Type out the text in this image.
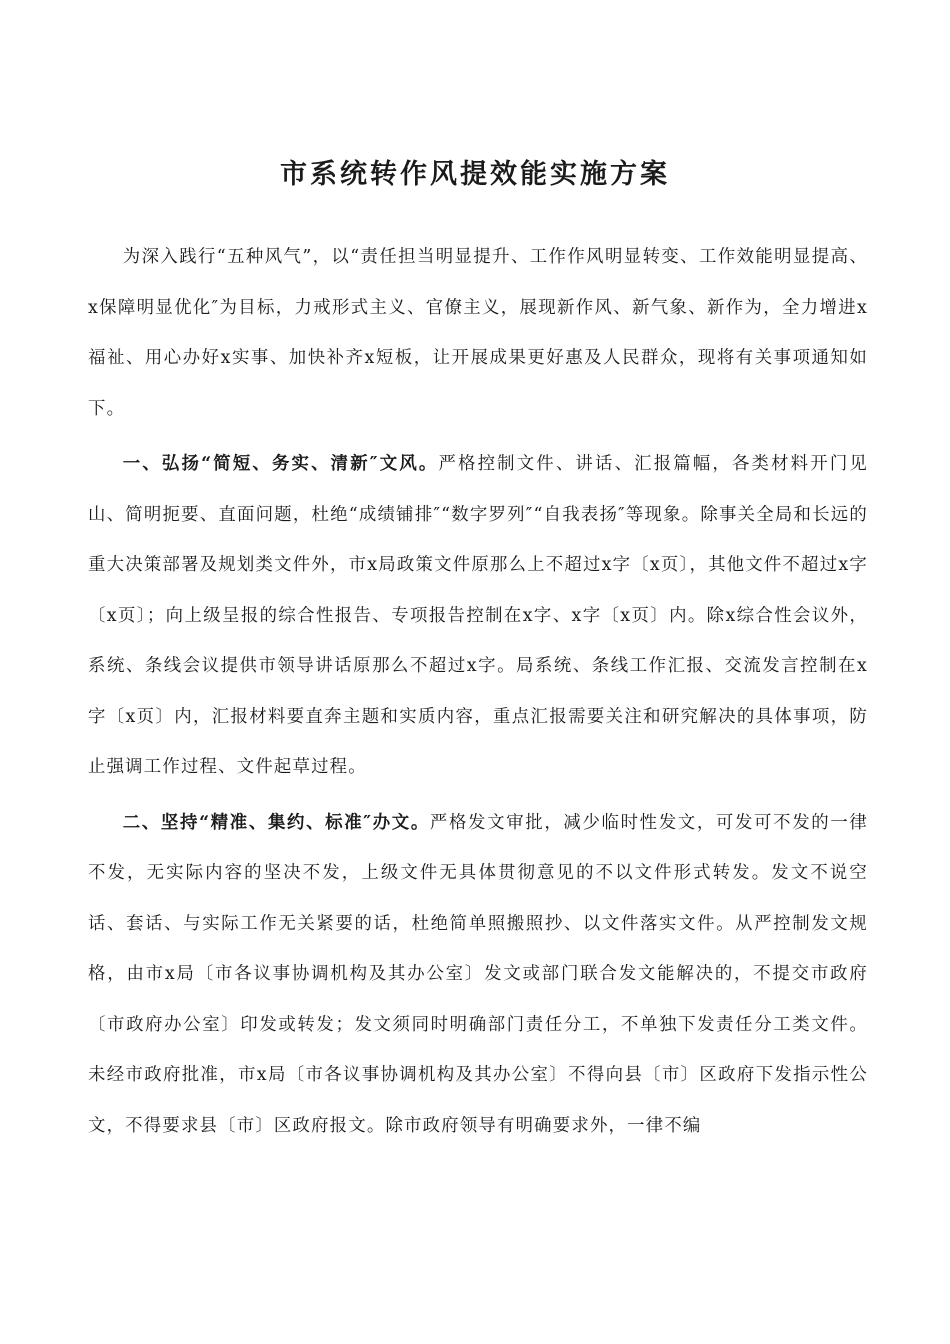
市系统转作风提效能实施方案

为深入践行“五种风气”，以“责任担当明显提升、工作作风明显转变、工作效能明显提高、x保障明显优化″为目标，力戒形式主义、官僚主义，展现新作风、新气象、新作为，全力增进x福祉、用心办好x实事、加快补齐x短板，让开展成果更好惠及人民群众，现将有关事项通知如下。

一、弘扬“简短、务实、清新″文风。严格控制文件、讲话、汇报篇幅，各类材料开门见山、简明扼要、直面问题，杜绝“成绩铺排″“数字罗列″“自我表扬″等现象。除事关全局和长远的重大决策部署及规划类文件外，市x局政策文件原那么上不超过x字〔x页〕，其他文件不超过x字〔x页〕；向上级呈报的综合性报告、专项报告控制在x字、x字〔x页〕内。除x综合性会议外，系统、条线会议提供市领导讲话原那么不超过x字。局系统、条线工作汇报、交流发言控制在x字〔x页〕内，汇报材料要直奔主题和实质内容，重点汇报需要关注和研究解决的具体事项，防止强调工作过程、文件起草过程。

二、坚持“精准、集约、标准″办文。严格发文审批，减少临时性发文，可发可不发的一律不发，无实际内容的坚决不发，上级文件无具体贯彻意见的不以文件形式转发。发文不说空话、套话、与实际工作无关紧要的话，杜绝简单照搬照抄、以文件落实文件。从严控制发文规格，由市x局〔市各议事协调机构及其办公室〕发文或部门联合发文能解决的，不提交市政府〔市政府办公室〕印发或转发；发文须同时明确部门责任分工，不单独下发责任分工类文件。未经市政府批准，市x局〔市各议事协调机构及其办公室〕不得向县〔市〕区政府下发指示性公文，不得要求县〔市〕区政府报文。除市政府领导有明确要求外，一律不编
